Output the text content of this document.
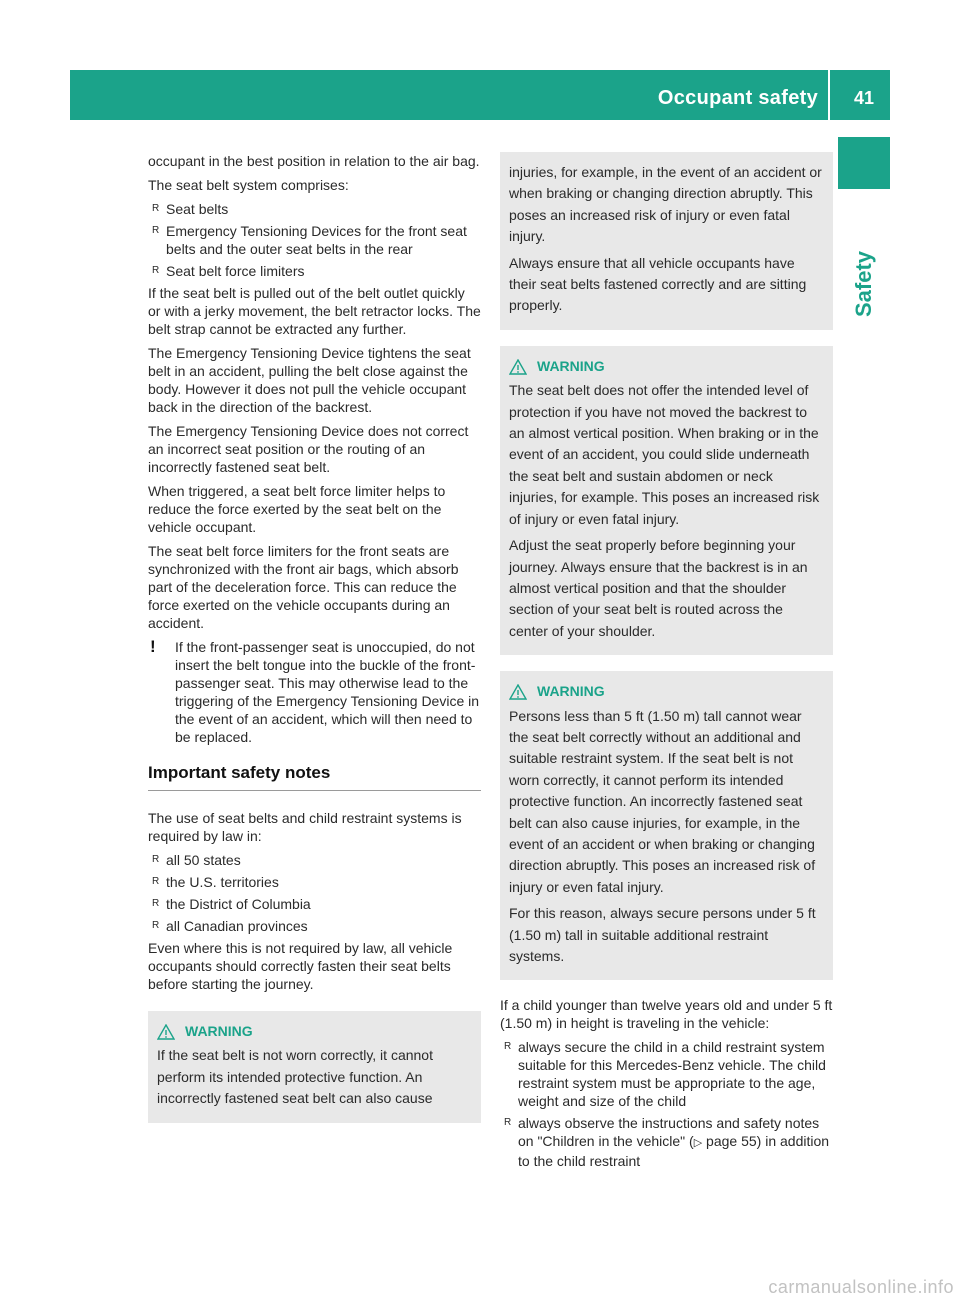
Occupant safety 41
Safety

occupant in the best position in relation to the air bag.

The seat belt system comprises:

R Seat belts
R Emergency Tensioning Devices for the front seat belts and the outer seat belts in the rear
R Seat belt force limiters

If the seat belt is pulled out of the belt outlet quickly or with a jerky movement, the belt retractor locks. The belt strap cannot be extracted any further.

The Emergency Tensioning Device tightens the seat belt in an accident, pulling the belt close against the body. However it does not pull the vehicle occupant back in the direction of the backrest.

The Emergency Tensioning Device does not correct an incorrect seat position or the routing of an incorrectly fastened seat belt.

When triggered, a seat belt force limiter helps to reduce the force exerted by the seat belt on the vehicle occupant.

The seat belt force limiters for the front seats are synchronized with the front air bags, which absorb part of the deceleration force. This can reduce the force exerted on the vehicle occupants during an accident.

! If the front-passenger seat is unoccupied, do not insert the belt tongue into the buckle of the front-passenger seat. This may otherwise lead to the triggering of the Emergency Tensioning Device in the event of an accident, which will then need to be replaced.
Important safety notes

The use of seat belts and child restraint systems is required by law in:

R all 50 states
R the U.S. territories
R the District of Columbia
R all Canadian provinces

Even where this is not required by law, all vehicle occupants should correctly fasten their seat belts before starting the journey.

WARNING

If the seat belt is not worn correctly, it cannot perform its intended protective function. An incorrectly fastened seat belt can also cause

injuries, for example, in the event of an accident or when braking or changing direction abruptly. This poses an increased risk of injury or even fatal injury.

Always ensure that all vehicle occupants have their seat belts fastened correctly and are sitting properly.

WARNING

The seat belt does not offer the intended level of protection if you have not moved the backrest to an almost vertical position. When braking or in the event of an accident, you could slide underneath the seat belt and sustain abdomen or neck injuries, for example. This poses an increased risk of injury or even fatal injury.

Adjust the seat properly before beginning your journey. Always ensure that the backrest is in an almost vertical position and that the shoulder section of your seat belt is routed across the center of your shoulder.

WARNING

Persons less than 5 ft (1.50 m) tall cannot wear the seat belt correctly without an additional and suitable restraint system. If the seat belt is not worn correctly, it cannot perform its intended protective function. An incorrectly fastened seat belt can also cause injuries, for example, in the event of an accident or when braking or changing direction abruptly. This poses an increased risk of injury or even fatal injury.

For this reason, always secure persons under 5 ft (1.50 m) tall in suitable additional restraint systems.

If a child younger than twelve years old and under 5 ft (1.50 m) in height is traveling in the vehicle:

R always secure the child in a child restraint system suitable for this Mercedes-Benz vehicle. The child restraint system must be appropriate to the age, weight and size of the child
R always observe the instructions and safety notes on "Children in the vehicle" (▷ page 55) in addition to the child restraint
carmanualsonline.info
